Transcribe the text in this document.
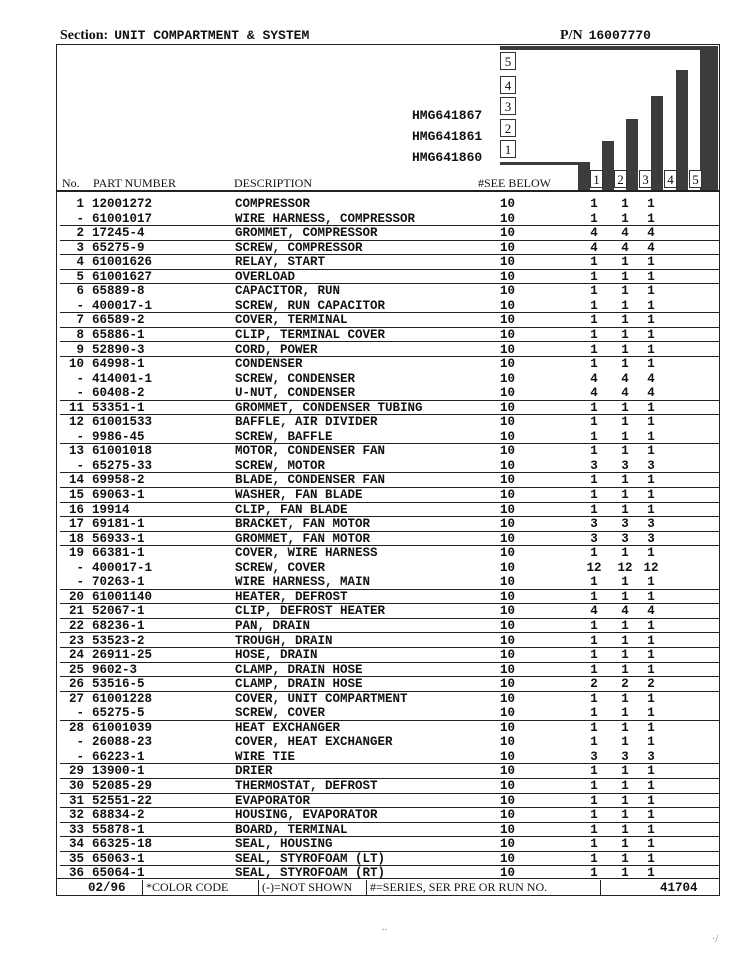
Section: UNIT COMPARTMENT & SYSTEM	P/N 16007770
HMG641867
HMG641861
HMG641860
5
4
3
2
1
1 2 3 4 5
No. PART NUMBER	DESCRIPTION	#SEE BELOW
1 12001272	COMPRESSOR	10	1	1	1
- 61001017	WIRE HARNESS, COMPRESSOR	10	1	1	1
2 17245-4	GROMMET, COMPRESSOR	10	4	4	4
3 65275-9	SCREW, COMPRESSOR	10	4	4	4
4 61001626	RELAY, START	10	1	1	1
5 61001627	OVERLOAD	10	1	1	1
6 65889-8	CAPACITOR, RUN	10	1	1	1
- 400017-1	SCREW, RUN CAPACITOR	10	1	1	1
7 66589-2	COVER, TERMINAL	10	1	1	1
8 65886-1	CLIP, TERMINAL COVER	10	1	1	1
9 52890-3	CORD, POWER	10	1	1	1
10 64998-1	CONDENSER	10	1	1	1
- 414001-1	SCREW, CONDENSER	10	4	4	4
- 60408-2	U-NUT, CONDENSER	10	4	4	4
11 53351-1	GROMMET, CONDENSER TUBING	10	1	1	1
12 61001533	BAFFLE, AIR DIVIDER	10	1	1	1
- 9986-45	SCREW, BAFFLE	10	1	1	1
13 61001018	MOTOR, CONDENSER FAN	10	1	1	1
- 65275-33	SCREW, MOTOR	10	3	3	3
14 69958-2	BLADE, CONDENSER FAN	10	1	1	1
15 69063-1	WASHER, FAN BLADE	10	1	1	1
16 19914	CLIP, FAN BLADE	10	1	1	1
17 69181-1	BRACKET, FAN MOTOR	10	3	3	3
18 56933-1	GROMMET, FAN MOTOR	10	3	3	3
19 66381-1	COVER, WIRE HARNESS	10	1	1	1
- 400017-1	SCREW, COVER	10	12 12 12
- 70263-1	WIRE HARNESS, MAIN	10	1	1	1
20 61001140	HEATER, DEFROST	10	1	1	1
21 52067-1	CLIP, DEFROST HEATER	10	4	4	4
22 68236-1	PAN, DRAIN	10	1	1	1
23 53523-2	TROUGH, DRAIN	10	1	1	1
24 26911-25	HOSE, DRAIN	10	1	1	1
25 9602-3	CLAMP, DRAIN HOSE	10	1	1	1
26 53516-5	CLAMP, DRAIN HOSE	10	2	2	2
27 61001228	COVER, UNIT COMPARTMENT	10	1	1	1
- 65275-5	SCREW, COVER	10	1	1	1
28 61001039	HEAT EXCHANGER	10	1	1	1
- 26088-23	COVER, HEAT EXCHANGER	10	1	1	1
- 66223-1	WIRE TIE	10	3	3	3
29 13900-1	DRIER	10	1	1	1
30 52085-29	THERMOSTAT, DEFROST	10	1	1	1
31 52551-22	EVAPORATOR	10	1	1	1
32 68834-2	HOUSING, EVAPORATOR	10	1	1	1
33 55878-1	BOARD, TERMINAL	10	1	1	1
34 66325-18	SEAL, HOUSING	10	1	1	1
35 65063-1	SEAL, STYROFOAM (LT)	10	1	1	1
36 65064-1	SEAL, STYROFOAM (RT)	10	1	1	1
02/96 *COLOR CODE	(-)=NOT SHOWN #=SERIES, SER PRE OR RUN NO.	41704
..
·/
